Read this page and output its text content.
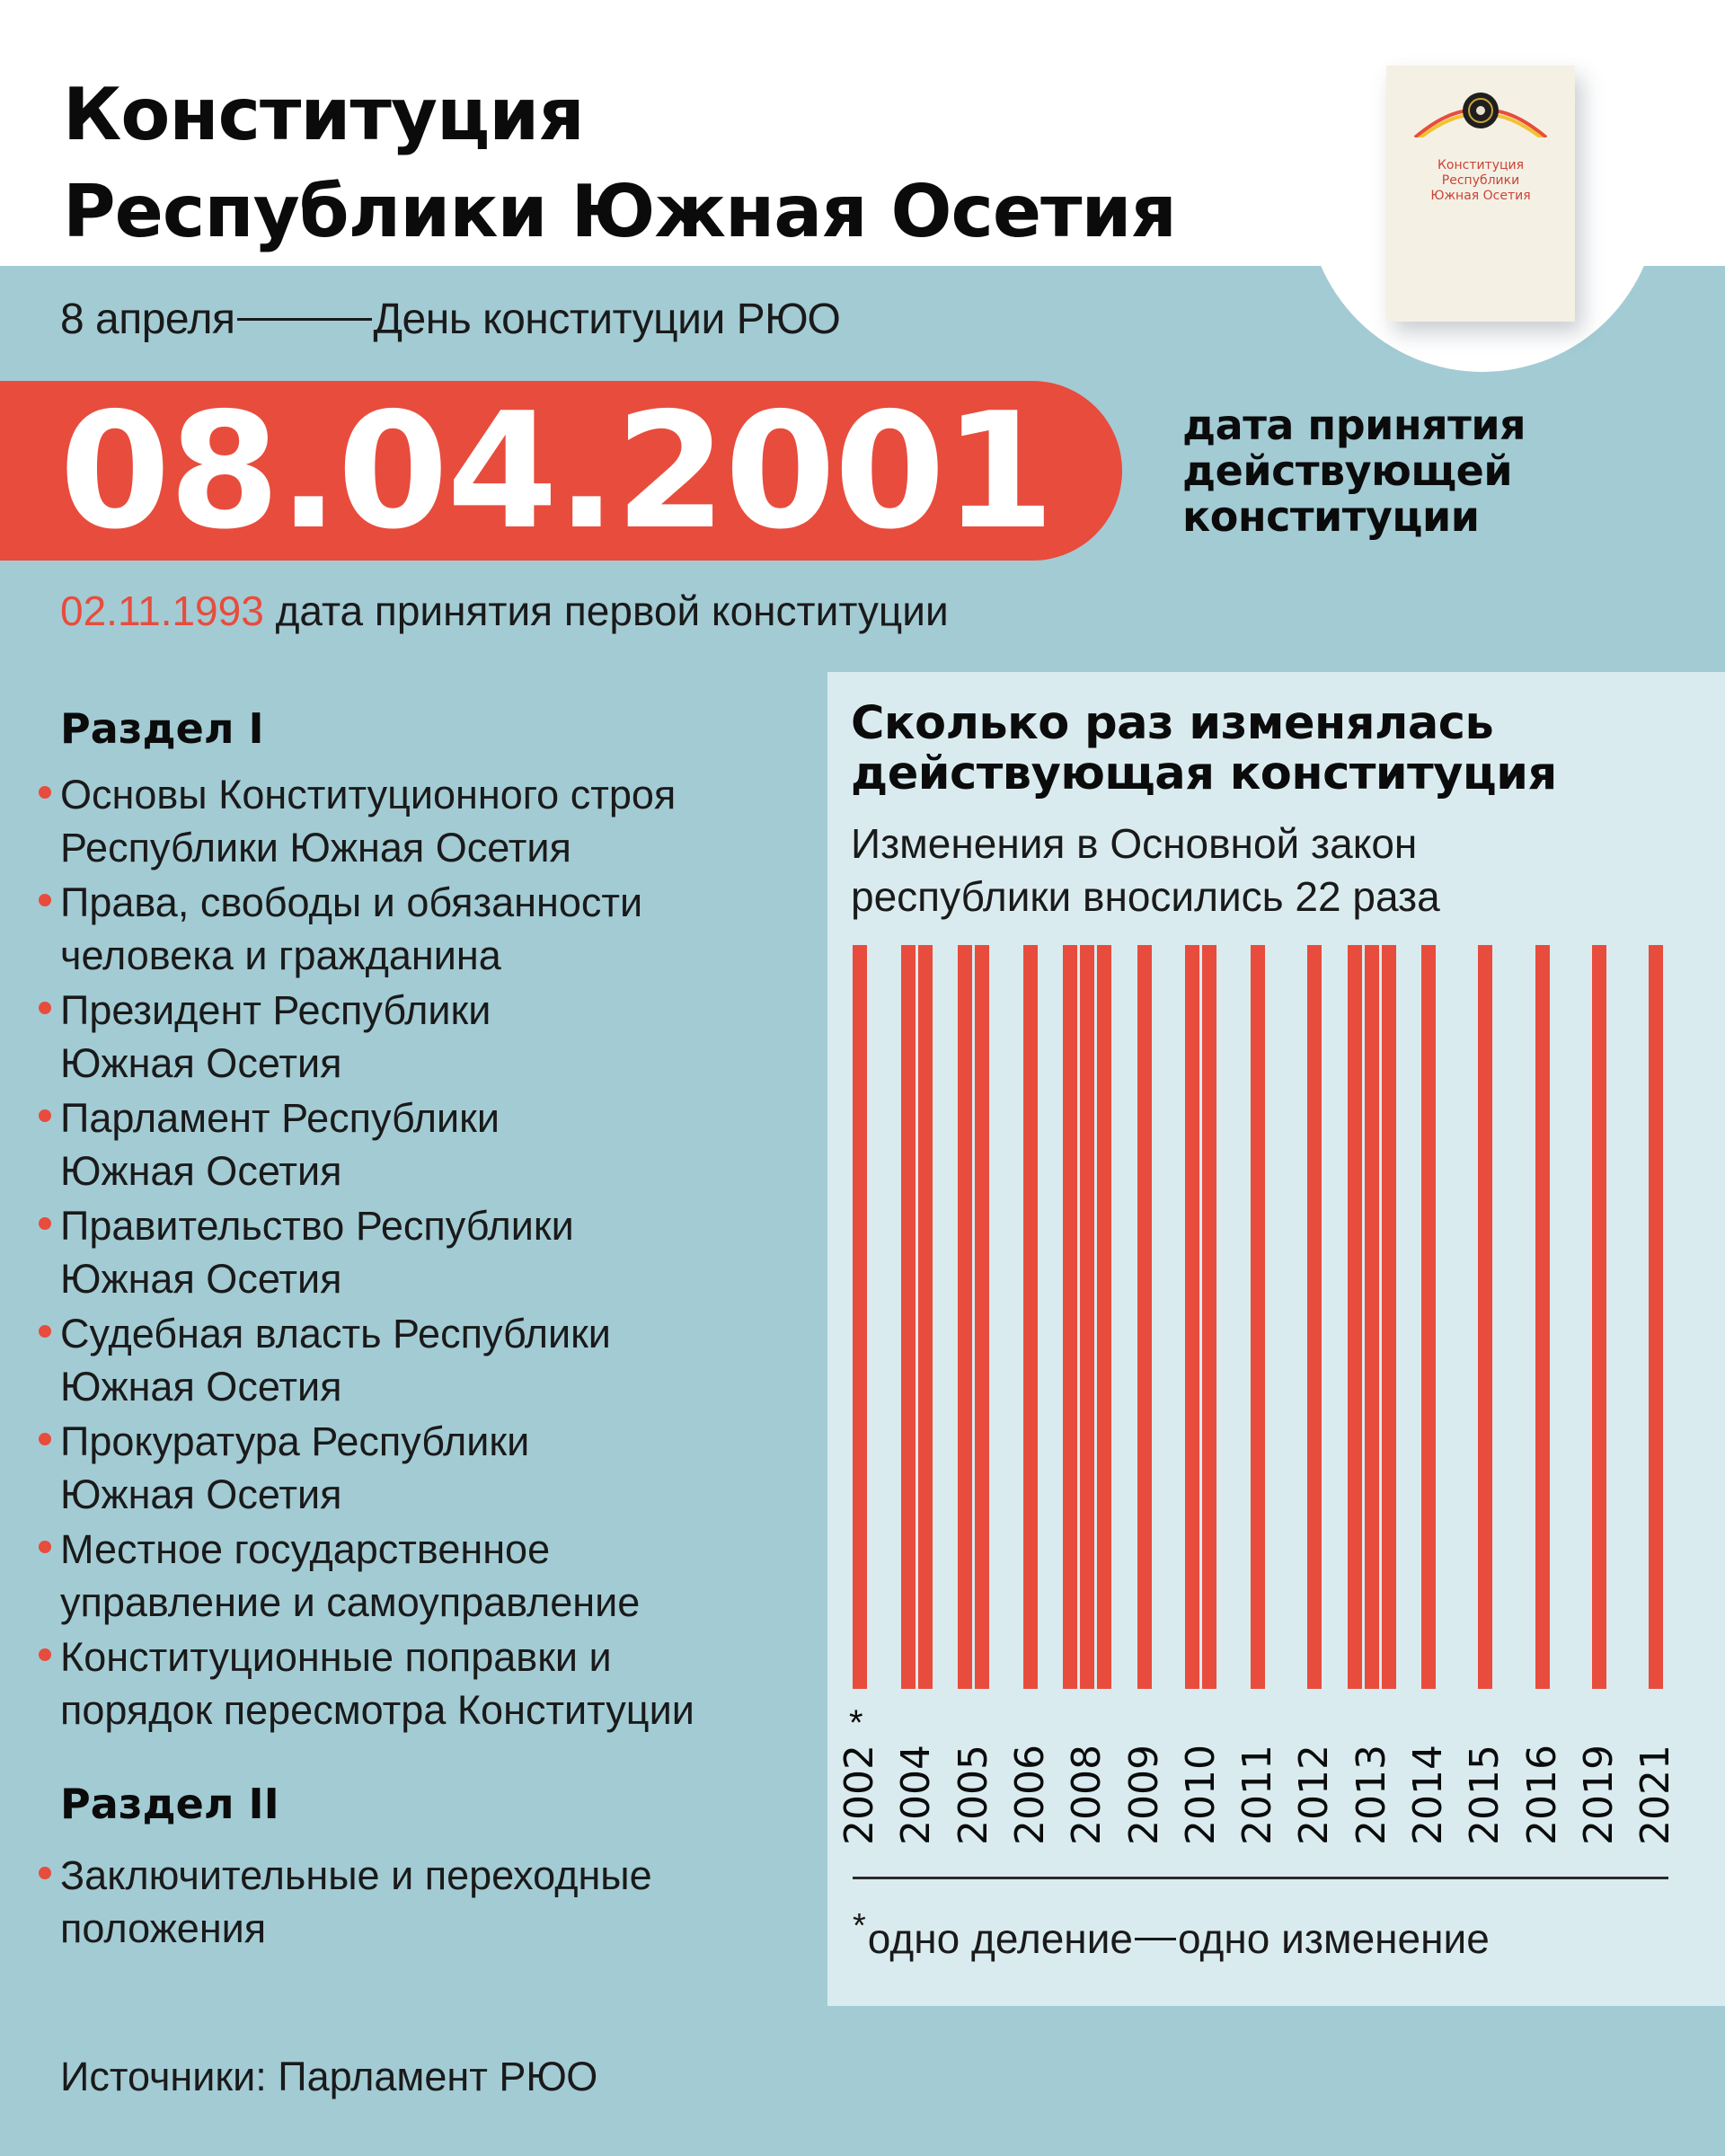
Конституция
Республики
Южная Осетия
Конституция
Республики Южная Осетия
8 апреля	День конституции РЮО
08.04.2001	дата принятия
действующей
конституции

02.11.1993 дата принятия первой конституции
Раздел I
Основы Конституционного строя
Республики Южная Осетия
Права, свободы и обязанности
человека и гражданина
Президент Республики
Южная Осетия
Парламент Республики
Южная Осетия
Правительство Республики
Южная Осетия
Судебная власть Республики
Южная Осетия
Прокуратура Республики
Южная Осетия
Местное государственное
управление и самоуправление
Конституционные поправки и
порядок пересмотра Конституции
Раздел II
Заключительные и переходные
положения
Источники: Парламент РЮО
Сколько раз изменялась
действующая конституция
Изменения в Основной закон
республики вносились 22 раза
*
2002 2004 2005 2006 2008 2009 2010 2011 2012 2013 2014 2015 2016 2019 2021
*одно деление одно изменение
